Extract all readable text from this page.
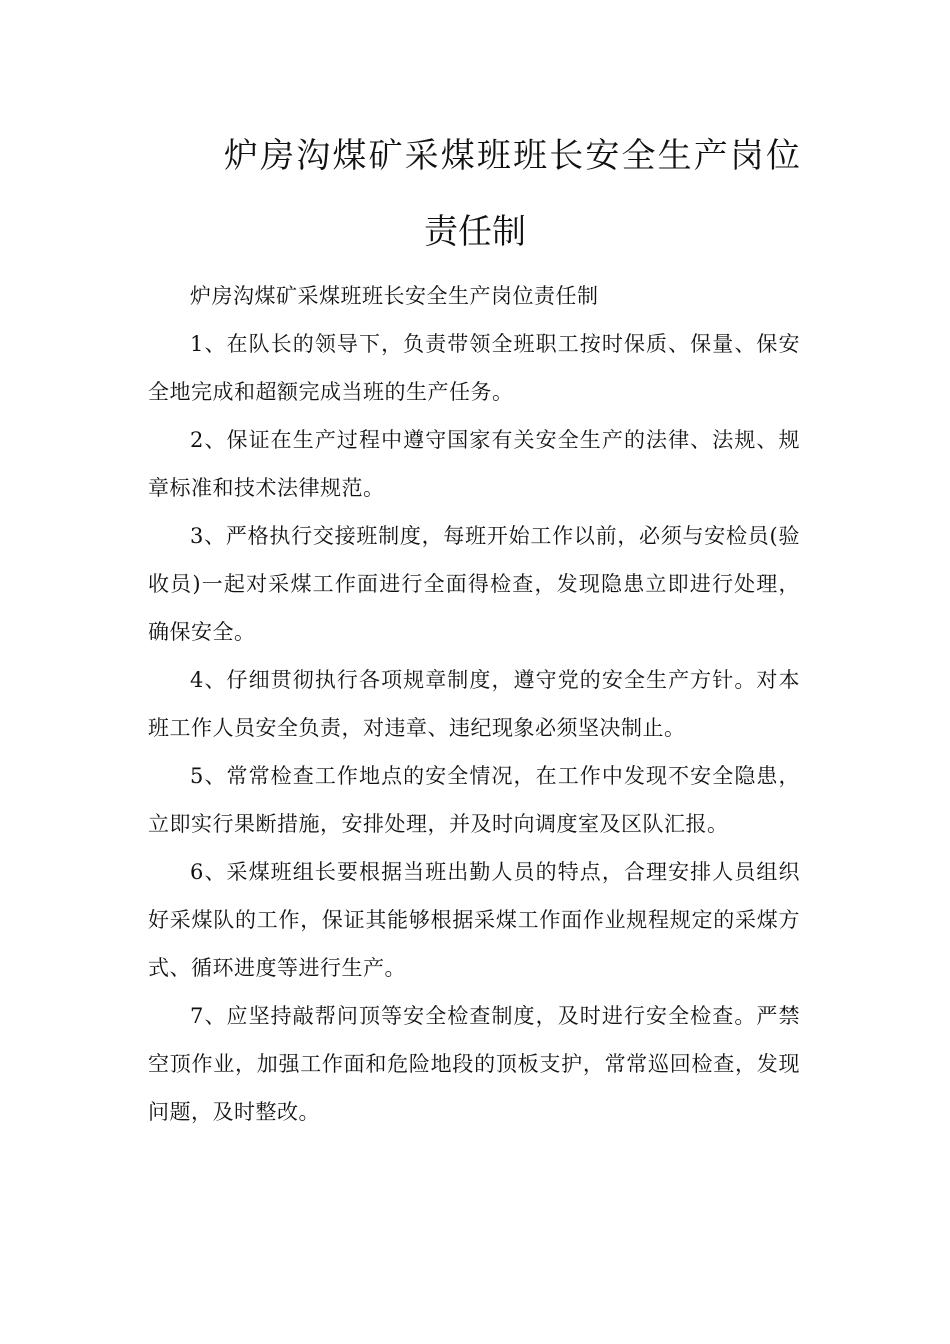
炉房沟煤矿采煤班班长安全生产岗位责任制

炉房沟煤矿采煤班班长安全生产岗位责任制

1、在队长的领导下，负责带领全班职工按时保质、保量、保安全地完成和超额完成当班的生产任务。

2、保证在生产过程中遵守国家有关安全生产的法律、法规、规章标准和技术法律规范。

3、严格执行交接班制度，每班开始工作以前，必须与安检员(验收员)一起对采煤工作面进行全面得检查，发现隐患立即进行处理，确保安全。

4、仔细贯彻执行各项规章制度，遵守党的安全生产方针。对本班工作人员安全负责，对违章、违纪现象必须坚决制止。

5、常常检查工作地点的安全情况，在工作中发现不安全隐患，立即实行果断措施，安排处理，并及时向调度室及区队汇报。

6、采煤班组长要根据当班出勤人员的特点，合理安排人员组织好采煤队的工作，保证其能够根据采煤工作面作业规程规定的采煤方式、循环进度等进行生产。

7、应坚持敲帮问顶等安全检查制度，及时进行安全检查。严禁空顶作业，加强工作面和危险地段的顶板支护，常常巡回检查，发现问题，及时整改。
